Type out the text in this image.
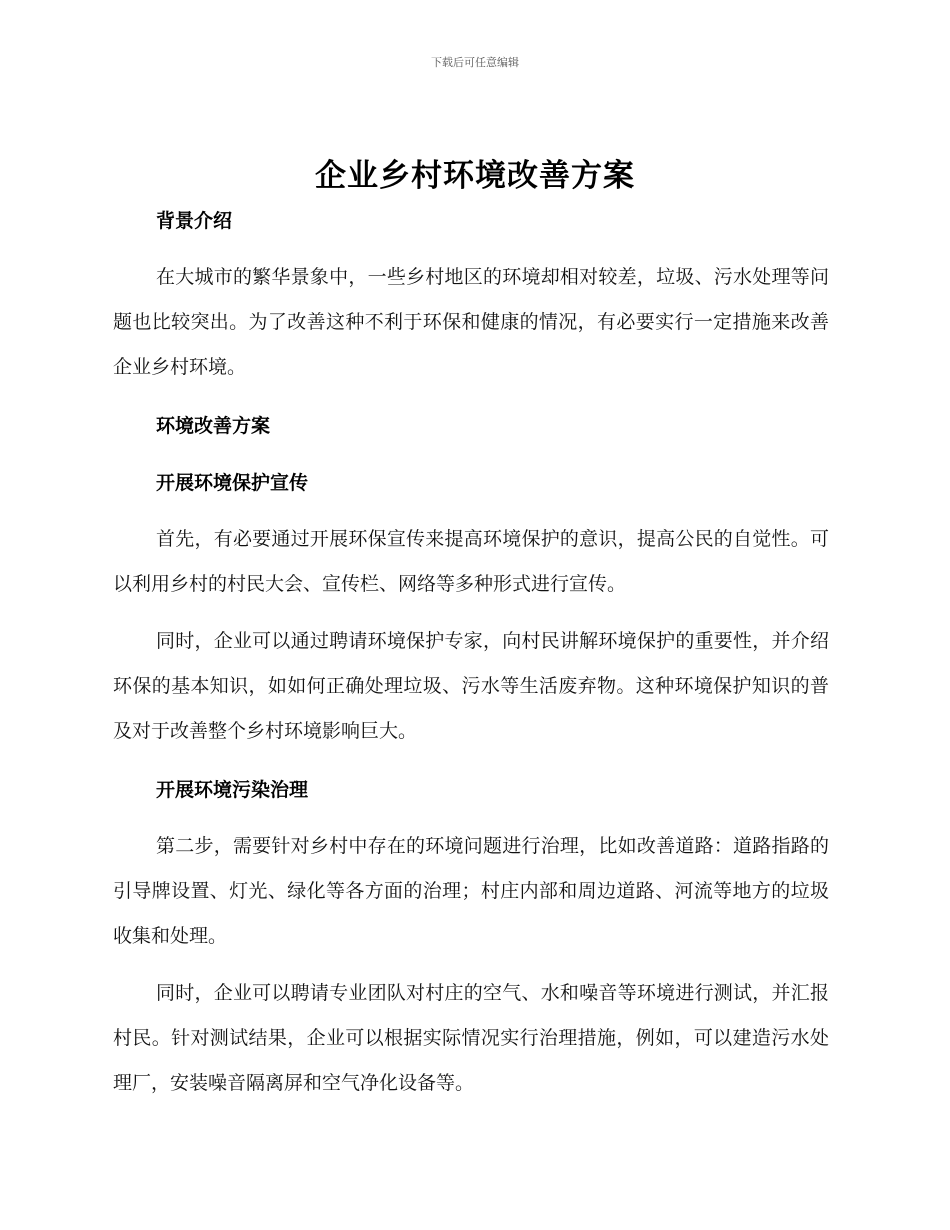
下载后可任意编辑
企业乡村环境改善方案

背景介绍

在大城市的繁华景象中，一些乡村地区的环境却相对较差，垃圾、污水处理等问题也比较突出。为了改善这种不利于环保和健康的情况，有必要实行一定措施来改善企业乡村环境。

环境改善方案

开展环境保护宣传

首先，有必要通过开展环保宣传来提高环境保护的意识，提高公民的自觉性。可以利用乡村的村民大会、宣传栏、网络等多种形式进行宣传。

同时，企业可以通过聘请环境保护专家，向村民讲解环境保护的重要性，并介绍环保的基本知识，如如何正确处理垃圾、污水等生活废弃物。这种环境保护知识的普及对于改善整个乡村环境影响巨大。

开展环境污染治理

第二步，需要针对乡村中存在的环境问题进行治理，比如改善道路：道路指路的引导牌设置、灯光、绿化等各方面的治理；村庄内部和周边道路、河流等地方的垃圾收集和处理。

同时，企业可以聘请专业团队对村庄的空气、水和噪音等环境进行测试，并汇报村民。针对测试结果，企业可以根据实际情况实行治理措施，例如，可以建造污水处理厂，安装噪音隔离屏和空气净化设备等。
